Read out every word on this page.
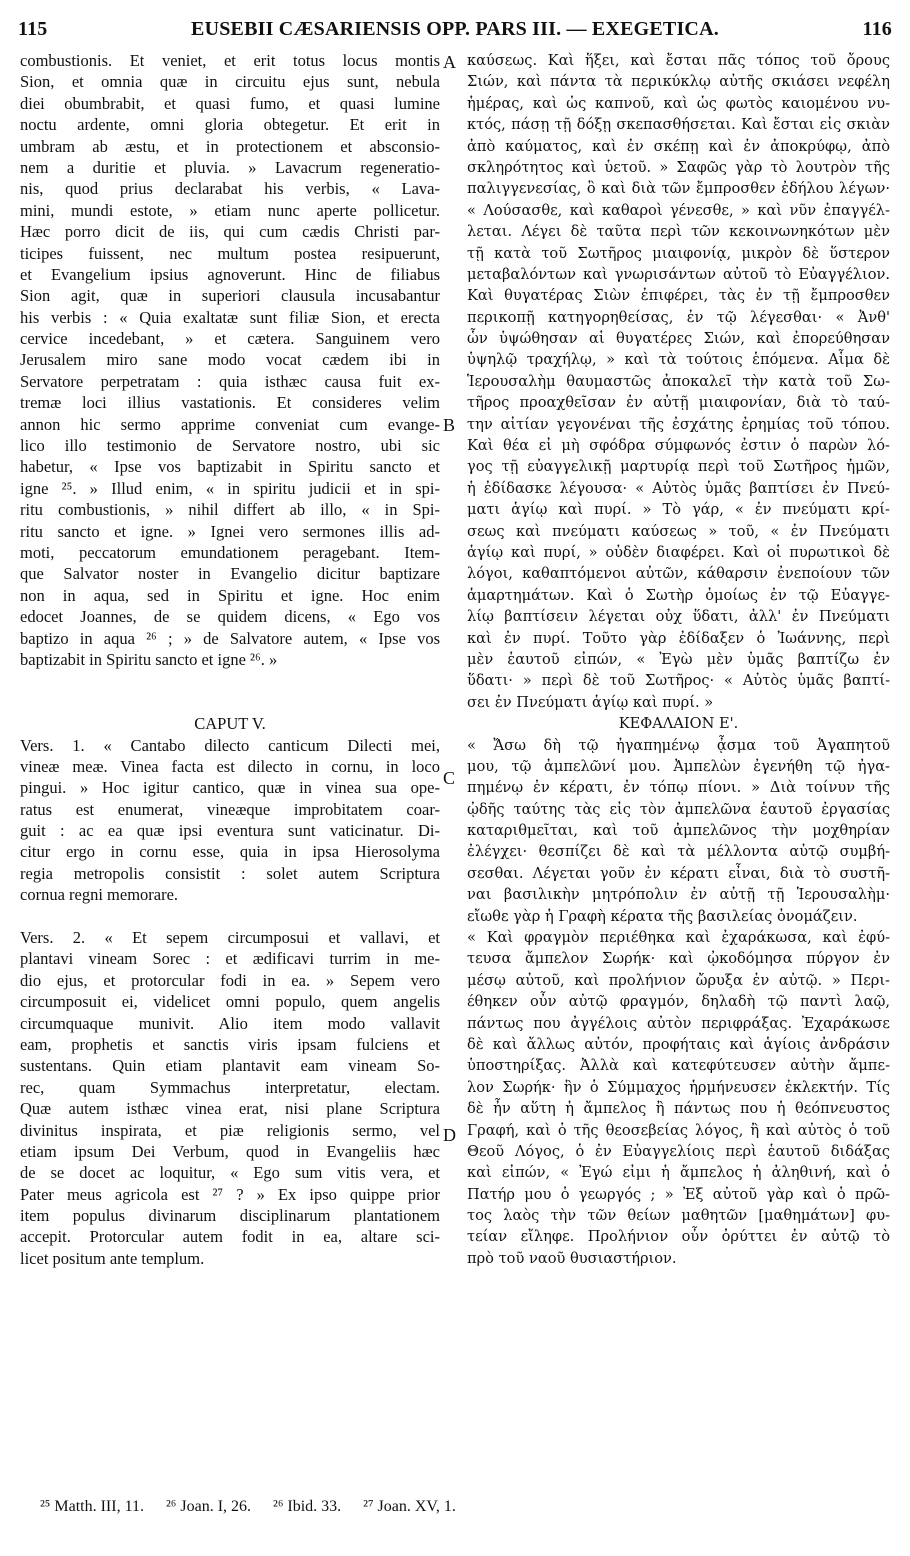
115	EUSEBII CÆSARIENSIS OPP. PARS III. — EXEGETICA.	116
combustionis. Et veniet, et erit totus locus montis
Sion, et omnia quæ in circuitu ejus sunt, nebula
diei obumbrabit, et quasi fumo, et quasi lumine
noctu ardente, omni gloria obtegetur. Et erit in
umbram ab æstu, et in protectionem et absconsio-
nem a duritie et pluvia. » Lavacrum regeneratio-
nis, quod prius declarabat his verbis, « Lava-
mini, mundi estote, » etiam nunc aperte pollicetur.
Hæc porro dicit de iis, qui cum cædis Christi par-
ticipes fuissent, nec multum postea resipuerunt,
et Evangelium ipsius agnoverunt. Hinc de filiabus
Sion agit, quæ in superiori clausula incusabantur
his verbis : « Quia exaltatæ sunt filiæ Sion, et erecta
cervice incedebant, » et cætera. Sanguinem vero
Jerusalem miro sane modo vocat cædem ibi in
Servatore perpetratam : quia isthæc causa fuit ex-
tremæ loci illius vastationis. Et consideres velim
annon hic sermo apprime conveniat cum evange-
lico illo testimonio de Servatore nostro, ubi sic
habetur, « Ipse vos baptizabit in Spiritu sancto et
igne ²⁵. » Illud enim, « in spiritu judicii et in spi-
ritu combustionis, » nihil differt ab illo, « in Spi-
ritu sancto et igne. » Ignei vero sermones illis ad-
moti, peccatorum emundationem peragebant. Item-
que Salvator noster in Evangelio dicitur baptizare
non in aqua, sed in Spiritu et igne. Hoc enim
edocet Joannes, de se quidem dicens, « Ego vos
baptizo in aqua ²⁶ ; » de Salvatore autem, « Ipse vos
baptizabit in Spiritu sancto et igne ²⁶. »
CAPUT V.
Vers. 1. « Cantabo dilecto canticum Dilecti mei,
vineæ meæ. Vinea facta est dilecto in cornu, in loco
pingui. » Hoc igitur cantico, quæ in vinea sua ope-
ratus est enumerat, vineæque improbitatem coar-
guit : ac ea quæ ipsi eventura sunt vaticinatur. Di-
citur ergo in cornu esse, quia in ipsa Hierosolyma
regia metropolis consistit : solet autem Scriptura
cornua regni memorare.
Vers. 2. « Et sepem circumposui et vallavi, et
plantavi vineam Sorec : et ædificavi turrim in me-
dio ejus, et protorcular fodi in ea. » Sepem vero
circumposuit ei, videlicet omni populo, quem angelis
circumquaque munivit. Alio item modo vallavit
eam, prophetis et sanctis viris ipsam fulciens et
sustentans. Quin etiam plantavit eam vineam So-
rec, quam Symmachus interpretatur, electam.
Quæ autem isthæc vinea erat, nisi plane Scriptura
divinitus inspirata, et piæ religionis sermo, vel
etiam ipsum Dei Verbum, quod in Evangeliis hæc
de se docet ac loquitur, « Ego sum vitis vera, et
Pater meus agricola est ²⁷ ? » Ex ipso quippe prior
item populus divinarum disciplinarum plantationem
accepit. Protorcular autem fodit in ea, altare sci-
licet positum ante templum.
καύσεως. Καὶ ἥξει, καὶ ἔσται πᾶς τόπος τοῦ ὄρους
Σιών, καὶ πάντα τὰ περικύκλῳ αὐτῆς σκιάσει νεφέλη
ἡμέρας, καὶ ὡς καπνοῦ, καὶ ὡς φωτὸς καιομένου νυ-
κτός, πάσῃ τῇ δόξῃ σκεπασθήσεται. Καὶ ἔσται εἰς σκιὰν
ἀπὸ καύματος, καὶ ἐν σκέπῃ καὶ ἐν ἀποκρύφῳ, ἀπὸ
σκληρότητος καὶ ὑετοῦ. » Σαφῶς γὰρ τὸ λουτρὸν τῆς
παλιγγενεσίας, ὃ καὶ διὰ τῶν ἔμπροσθεν ἐδήλου λέγων·
« Λούσασθε, καὶ καθαροὶ γένεσθε, » καὶ νῦν ἐπαγγέλ-
λεται. Λέγει δὲ ταῦτα περὶ τῶν κεκοινωνηκότων μὲν
τῇ κατὰ τοῦ Σωτῆρος μιαιφονίᾳ, μικρὸν δὲ ὕστερον
μεταβαλόντων καὶ γνωρισάντων αὐτοῦ τὸ Εὐαγγέλιον.
Καὶ θυγατέρας Σιὼν ἐπιφέρει, τὰς ἐν τῇ ἔμπροσθεν
περικοπῇ κατηγορηθείσας, ἐν τῷ λέγεσθαι· « Ἀνθ'
ὧν ὑψώθησαν αἱ θυγατέρες Σιών, καὶ ἐπορεύθησαν
ὑψηλῷ τραχήλῳ, » καὶ τὰ τούτοις ἑπόμενα. Αἷμα δὲ
Ἱερουσαλὴμ θαυμαστῶς ἀποκαλεῖ τὴν κατὰ τοῦ Σω-
τῆρος προαχθεῖσαν ἐν αὐτῇ μιαιφονίαν, διὰ τὸ ταύ-
την αἰτίαν γεγονέναι τῆς ἐσχάτης ἐρημίας τοῦ τόπου.
Καὶ θέα εἰ μὴ σφόδρα σύμφωνός ἐστιν ὁ παρὼν λό-
γος τῇ εὐαγγελικῇ μαρτυρίᾳ περὶ τοῦ Σωτῆρος ἡμῶν,
ἡ ἐδίδασκε λέγουσα· « Αὐτὸς ὑμᾶς βαπτίσει ἐν Πνεύ-
ματι ἁγίῳ καὶ πυρί. » Τὸ γάρ, « ἐν πνεύματι κρί-
σεως καὶ πνεύματι καύσεως » τοῦ, « ἐν Πνεύματι
ἁγίῳ καὶ πυρί, » οὐδὲν διαφέρει. Καὶ οἱ πυρωτικοὶ δὲ
λόγοι, καθαπτόμενοι αὐτῶν, κάθαρσιν ἐνεποίουν τῶν
ἁμαρτημάτων. Καὶ ὁ Σωτὴρ ὁμοίως ἐν τῷ Εὐαγγε-
λίῳ βαπτίσειν λέγεται οὐχ ὕδατι, ἀλλ' ἐν Πνεύματι
καὶ ἐν πυρί. Τοῦτο γὰρ ἐδίδαξεν ὁ Ἰωάννης, περὶ
μὲν ἑαυτοῦ εἰπών, « Ἐγὼ μὲν ὑμᾶς βαπτίζω ἐν
ὕδατι· » περὶ δὲ τοῦ Σωτῆρος· « Αὐτὸς ὑμᾶς βαπτί-
σει ἐν Πνεύματι ἁγίῳ καὶ πυρί. »
ΚΕΦΑΛΑΙΟΝ Ε'.
« Ἄσω δὴ τῷ ἠγαπημένῳ ᾆσμα τοῦ Ἀγαπητοῦ
μου, τῷ ἀμπελῶνί μου. Ἀμπελὼν ἐγενήθη τῷ ἠγα-
πημένῳ ἐν κέρατι, ἐν τόπῳ πίονι. » Διὰ τοίνυν τῆς
ᾠδῆς ταύτης τὰς εἰς τὸν ἀμπελῶνα ἑαυτοῦ ἐργασίας
καταριθμεῖται, καὶ τοῦ ἀμπελῶνος τὴν μοχθηρίαν
ἐλέγχει· θεσπίζει δὲ καὶ τὰ μέλλοντα αὐτῷ συμβή-
σεσθαι. Λέγεται γοῦν ἐν κέρατι εἶναι, διὰ τὸ συστῆ-
ναι βασιλικὴν μητρόπολιν ἐν αὐτῇ τῇ Ἱερουσαλὴμ·
εἴωθε γὰρ ἡ Γραφὴ κέρατα τῆς βασιλείας ὀνομάζειν.
« Καὶ φραγμὸν περιέθηκα καὶ ἐχαράκωσα, καὶ ἐφύ-
τευσα ἄμπελον Σωρήκ· καὶ ᾠκοδόμησα πύργον ἐν
μέσῳ αὐτοῦ, καὶ προλήνιον ὤρυξα ἐν αὐτῷ. » Περι-
έθηκεν οὖν αὐτῷ φραγμόν, δηλαδὴ τῷ παντὶ λαῷ,
πάντως που ἀγγέλοις αὐτὸν περιφράξας. Ἐχαράκωσε
δὲ καὶ ἄλλως αὐτόν, προφήταις καὶ ἁγίοις ἀνδράσιν
ὑποστηρίξας. Ἀλλὰ καὶ κατεφύτευσεν αὐτὴν ἄμπε-
λον Σωρήκ· ἣν ὁ Σύμμαχος ἡρμήνευσεν ἐκλεκτήν. Τίς
δὲ ἦν αὕτη ἡ ἄμπελος ἢ πάντως που ἡ θεόπνευστος
Γραφή, καὶ ὁ τῆς θεοσεβείας λόγος, ἢ καὶ αὐτὸς ὁ τοῦ
Θεοῦ Λόγος, ὁ ἐν Εὐαγγελίοις περὶ ἑαυτοῦ διδάξας
καὶ εἰπών, « Ἐγώ εἰμι ἡ ἄμπελος ἡ ἀληθινή, καὶ ὁ
Πατήρ μου ὁ γεωργός ; » Ἐξ αὐτοῦ γὰρ καὶ ὁ πρῶ-
τος λαὸς τὴν τῶν θείων μαθητῶν [μαθημάτων] φυ-
τείαν εἴληφε. Προλήνιον οὖν ὀρύττει ἐν αὐτῷ τὸ
πρὸ τοῦ ναοῦ θυσιαστήριον.
A
B
C
D
²⁵ Matth. III, 11. ²⁶ Joan. I, 26. ²⁶ Ibid. 33. ²⁷ Joan. XV, 1.
